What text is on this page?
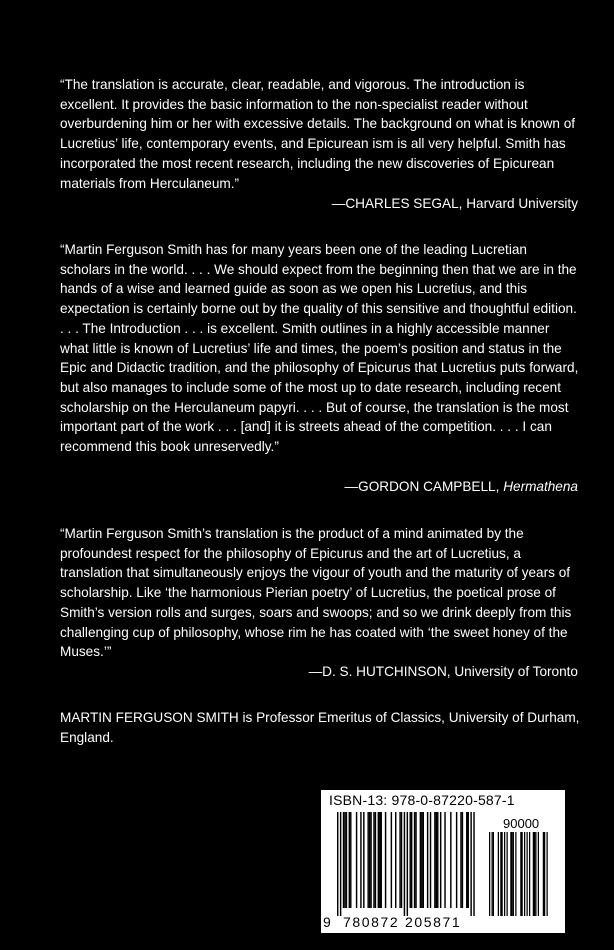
“The translation is accurate, clear, readable, and vigorous. The introduction is excellent. It provides the basic information to the non-specialist reader without overburdening him or her with excessive details. The background on what is known of Lucretius’ life, contemporary events, and Epicurean ism is all very helpful. Smith has incorporated the most recent research, including the new discoveries of Epicurean materials from Herculaneum.”

—CHARLES SEGAL, Harvard University

“Martin Ferguson Smith has for many years been one of the leading Lucretian scholars in the world. . . . We should expect from the beginning then that we are in the hands of a wise and learned guide as soon as we open his Lucretius, and this expectation is certainly borne out by the quality of this sensitive and thoughtful edition. . . . The Introduction . . . is excellent. Smith outlines in a highly accessible manner what little is known of Lucretius’ life and times, the poem’s position and status in the Epic and Didactic tradition, and the philosophy of Epicurus that Lucretius puts forward, but also manages to include some of the most up to date research, including recent scholarship on the Herculaneum papyri. . . . But of course, the translation is the most important part of the work . . . [and] it is streets ahead of the competition. . . . I can recommend this book unreservedly.”

—GORDON CAMPBELL, Hermathena

“Martin Ferguson Smith’s translation is the product of a mind animated by the profoundest respect for the philosophy of Epicurus and the art of Lucretius, a translation that simultaneously enjoys the vigour of youth and the maturity of years of scholarship. Like ‘the harmonious Pierian poetry’ of Lucretius, the poetical prose of Smith’s version rolls and surges, soars and swoops; and so we drink deeply from this challenging cup of philosophy, whose rim he has coated with ‘the sweet honey of the Muses.’”

—D. S. HUTCHINSON, University of Toronto

MARTIN FERGUSON SMITH is Professor Emeritus of Classics, University of Durham, England.

ISBN-13: 978-0-87220-587-1
90000
9 780872 205871
